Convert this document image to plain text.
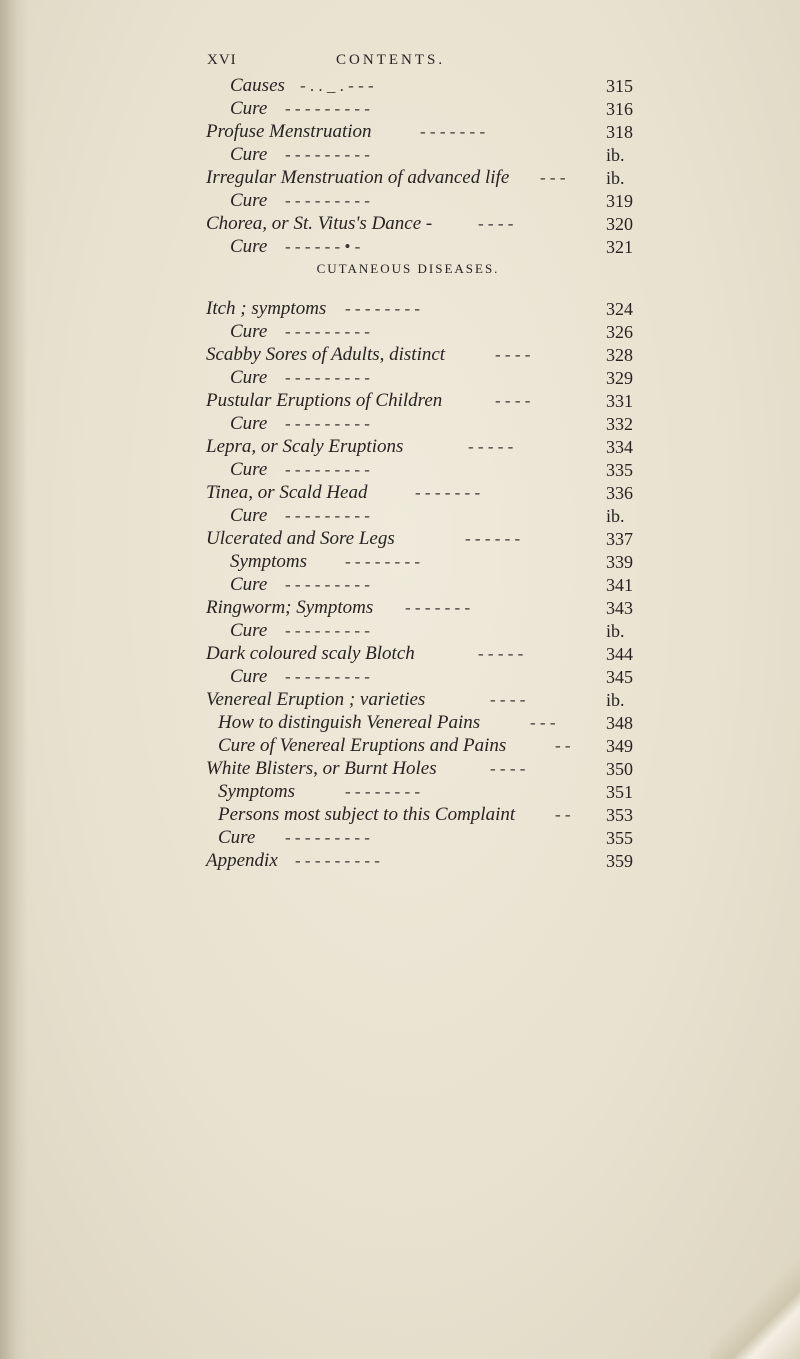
XVI	CONTENTS.
Causes - . . _ . - - -	315
Cure - - - - - - - - -	316
Profuse Menstruation	- - - - - - -	318
Cure - - - - - - - - -	ib.
Irregular Menstruation of advanced life - - -	ib.
Cure - - - - - - - - -	319
Chorea, or St. Vitus's Dance -	- - - -	320
Cure - - - - - - • -	321
CUTANEOUS DISEASES.
Itch ; symptoms - - - - - - - -	324
Cure - - - - - - - - -	326
Scabby Sores of Adults, distinct	- - - -	328
Cure - - - - - - - - -	329
Pustular Eruptions of Children	- - - -	331
Cure - - - - - - - - -	332
Lepra, or Scaly Eruptions	- - - - -	334
Cure - - - - - - - - -	335
Tinea, or Scald Head	- - - - - - -	336
Cure - - - - - - - - -	ib.
Ulcerated and Sore Legs	- - - - - -	337
Symptoms - - - - - - - -	339
Cure - - - - - - - - -	341
Ringworm; Symptoms - - - - - - -	343
Cure - - - - - - - - -	ib.
Dark coloured scaly Blotch	- - - - -	344
Cure - - - - - - - - -	345
Venereal Eruption ; varieties	- - - -	ib.
How to distinguish Venereal Pains	- - -	348
Cure of Venereal Eruptions and Pains	- -	349
White Blisters, or Burnt Holes	- - - -	350
Symptoms	- - - - - - - -	351
Persons most subject to this Complaint - -	353
Cure - - - - - - - - -	355
Appendix - - - - - - - - -	359
